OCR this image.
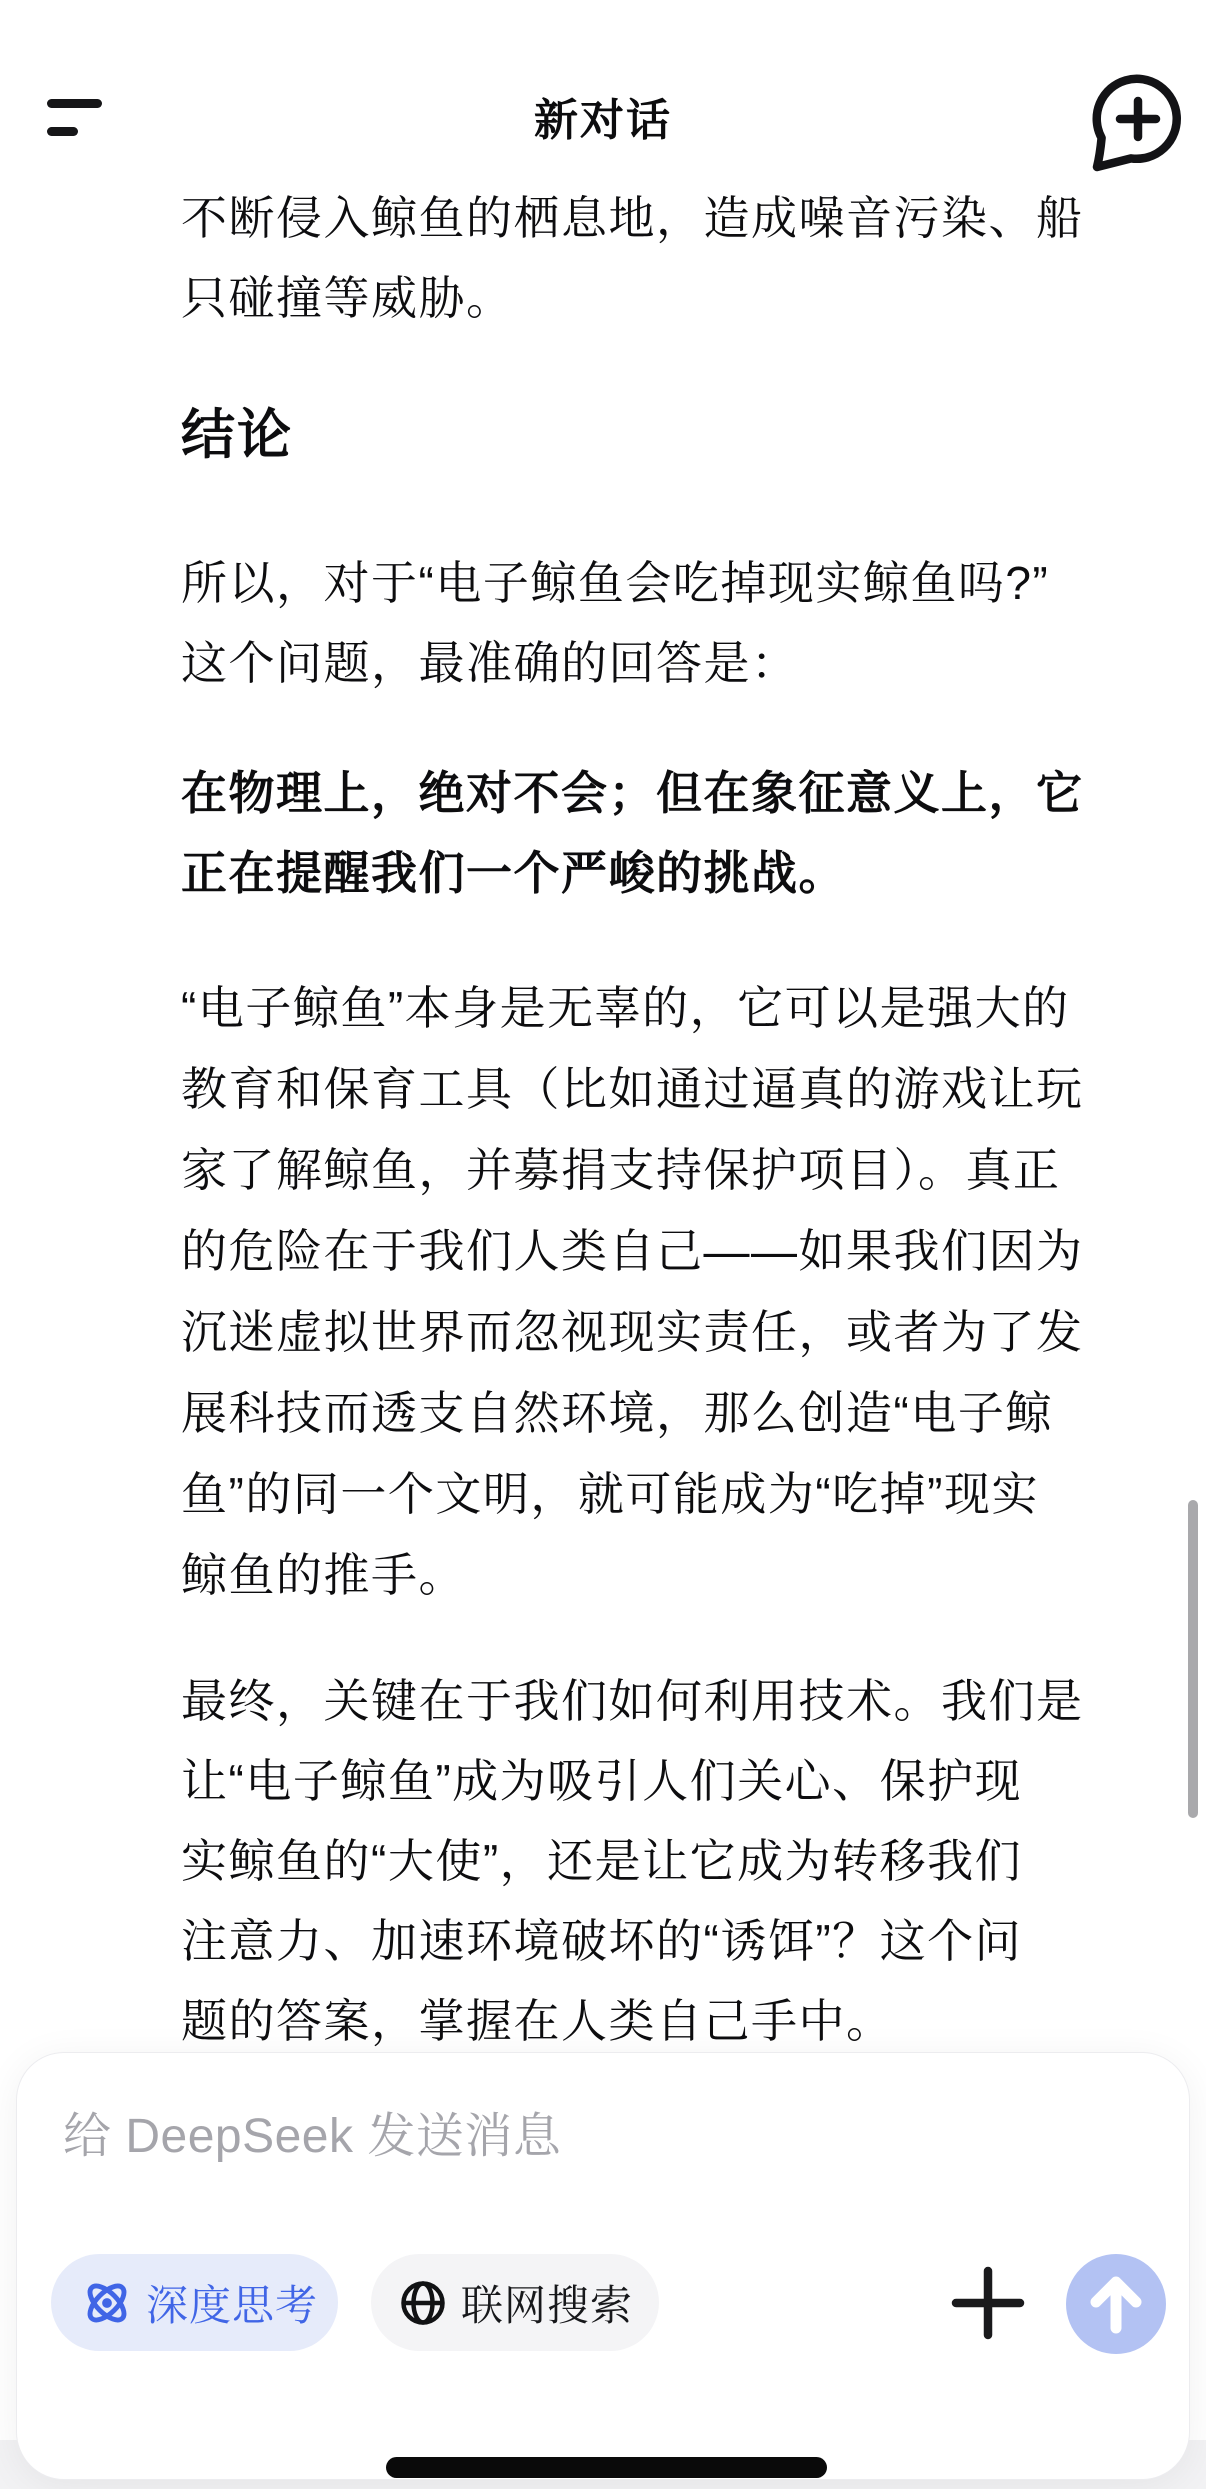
新对话
不断侵入鲸鱼的栖息地，造成噪音污染、船
只碰撞等威胁。
结论
所以，对于“电子鲸鱼会吃掉现实鲸鱼吗?”
这个问题，最准确的回答是：
在物理上，绝对不会；但在象征意义上，它
正在提醒我们一个严峻的挑战。
“电子鲸鱼”本身是无辜的，它可以是强大的
教育和保育工具（比如通过逼真的游戏让玩
家了解鲸鱼，并募捐支持保护项目）。真正
的危险在于我们人类自己——如果我们因为
沉迷虚拟世界而忽视现实责任，或者为了发
展科技而透支自然环境，那么创造“电子鲸
鱼”的同一个文明，就可能成为“吃掉”现实
鲸鱼的推手。
最终，关键在于我们如何利用技术。我们是
让“电子鲸鱼”成为吸引人们关心、保护现
实鲸鱼的“大使”，还是让它成为转移我们
注意力、加速环境破坏的“诱饵”？这个问
题的答案，掌握在人类自己手中。
给 DeepSeek 发送消息
深度思考	联网搜索
